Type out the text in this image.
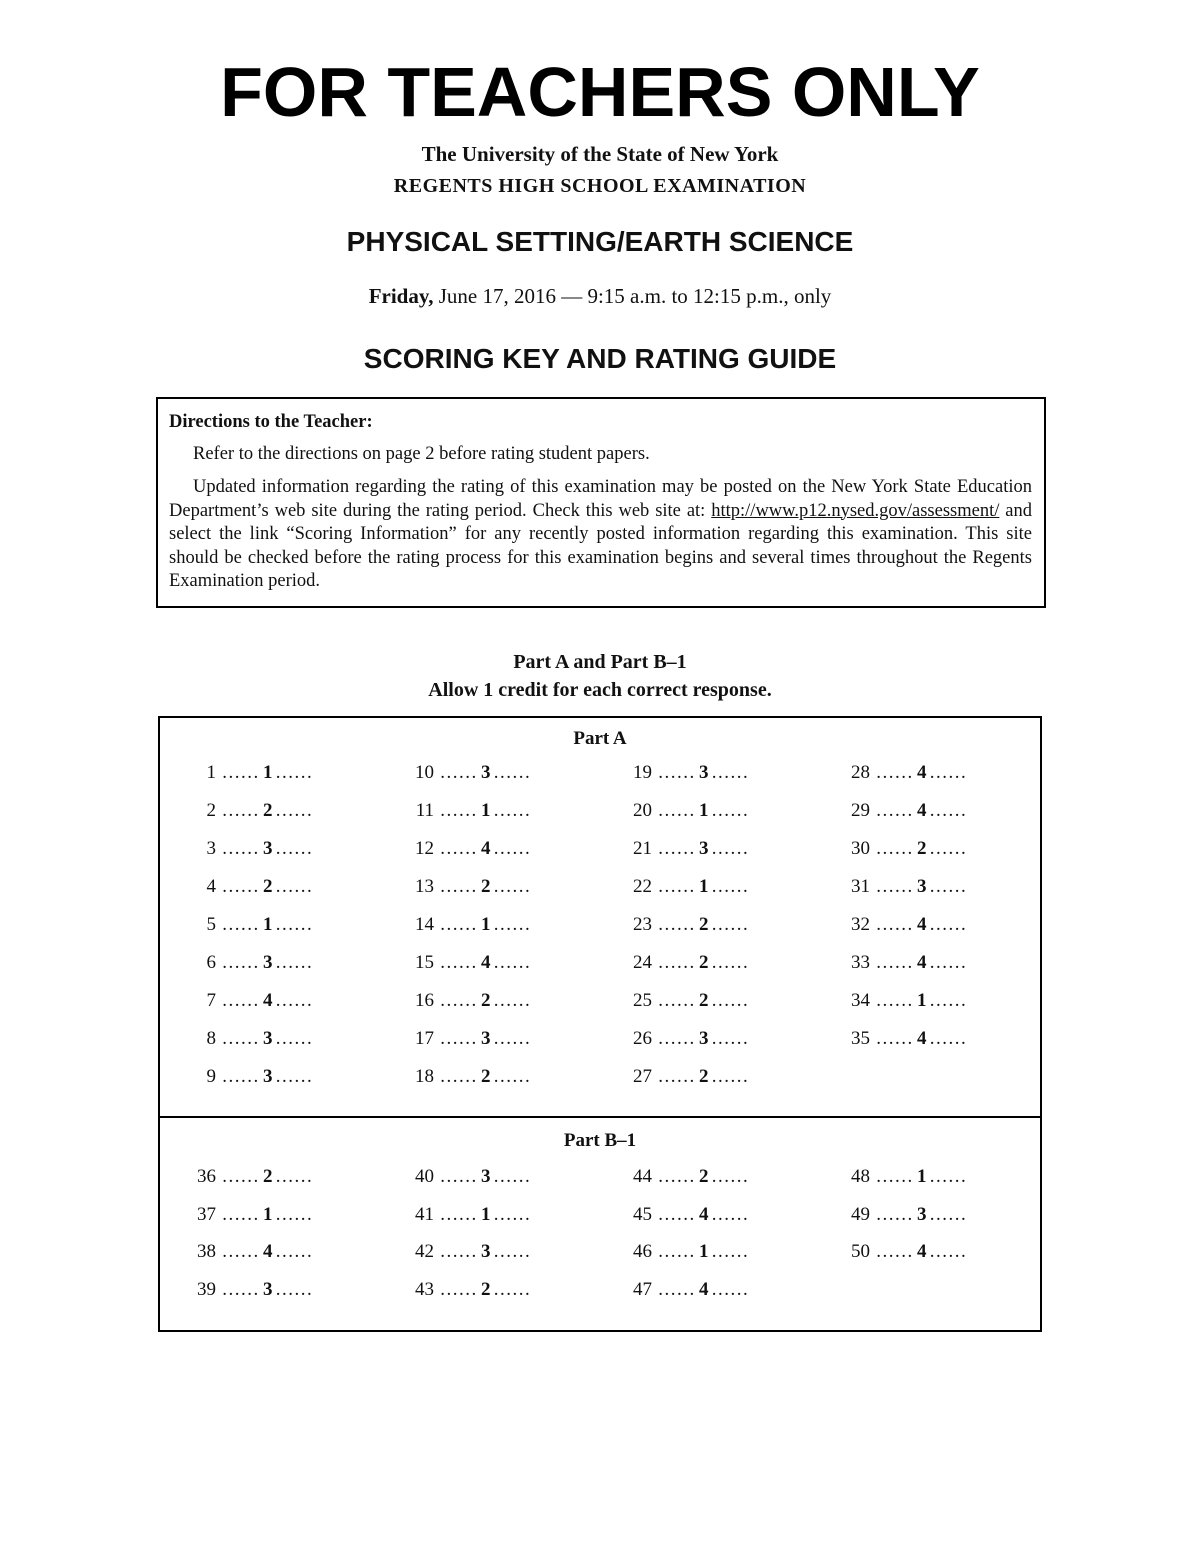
FOR TEACHERS ONLY
The University of the State of New York
REGENTS HIGH SCHOOL EXAMINATION
PHYSICAL SETTING/EARTH SCIENCE
Friday, June 17, 2016 — 9:15 a.m. to 12:15 p.m., only
SCORING KEY AND RATING GUIDE
Directions to the Teacher:

Refer to the directions on page 2 before rating student papers.

Updated information regarding the rating of this examination may be posted on the New York State Education Department’s web site during the rating period. Check this web site at: http://www.p12.nysed.gov/assessment/ and select the link “Scoring Information” for any recently posted information regarding this examination. This site should be checked before the rating process for this examination begins and several times throughout the Regents Examination period.

Part A and Part B–1
Allow 1 credit for each correct response.
Part A
Part B–1
1 ...... 1 ......
2 ...... 2 ......
3 ...... 3 ......
4 ...... 2 ......
5 ...... 1 ......
6 ...... 3 ......
7 ...... 4 ......
8 ...... 3 ......
9 ...... 3 ......
10 ...... 3 ......
11 ...... 1 ......
12 ...... 4 ......
13 ...... 2 ......
14 ...... 1 ......
15 ...... 4 ......
16 ...... 2 ......
17 ...... 3 ......
18 ...... 2 ......
19 ...... 3 ......
20 ...... 1 ......
21 ...... 3 ......
22 ...... 1 ......
23 ...... 2 ......
24 ...... 2 ......
25 ...... 2 ......
26 ...... 3 ......
27 ...... 2 ......
28 ...... 4 ......
29 ...... 4 ......
30 ...... 2 ......
31 ...... 3 ......
32 ...... 4 ......
33 ...... 4 ......
34 ...... 1 ......
35 ...... 4 ......
36 ...... 2 ......
37 ...... 1 ......
38 ...... 4 ......
39 ...... 3 ......
40 ...... 3 ......
41 ...... 1 ......
42 ...... 3 ......
43 ...... 2 ......
44 ...... 2 ......
45 ...... 4 ......
46 ...... 1 ......
47 ...... 4 ......
48 ...... 1 ......
49 ...... 3 ......
50 ...... 4 ......
